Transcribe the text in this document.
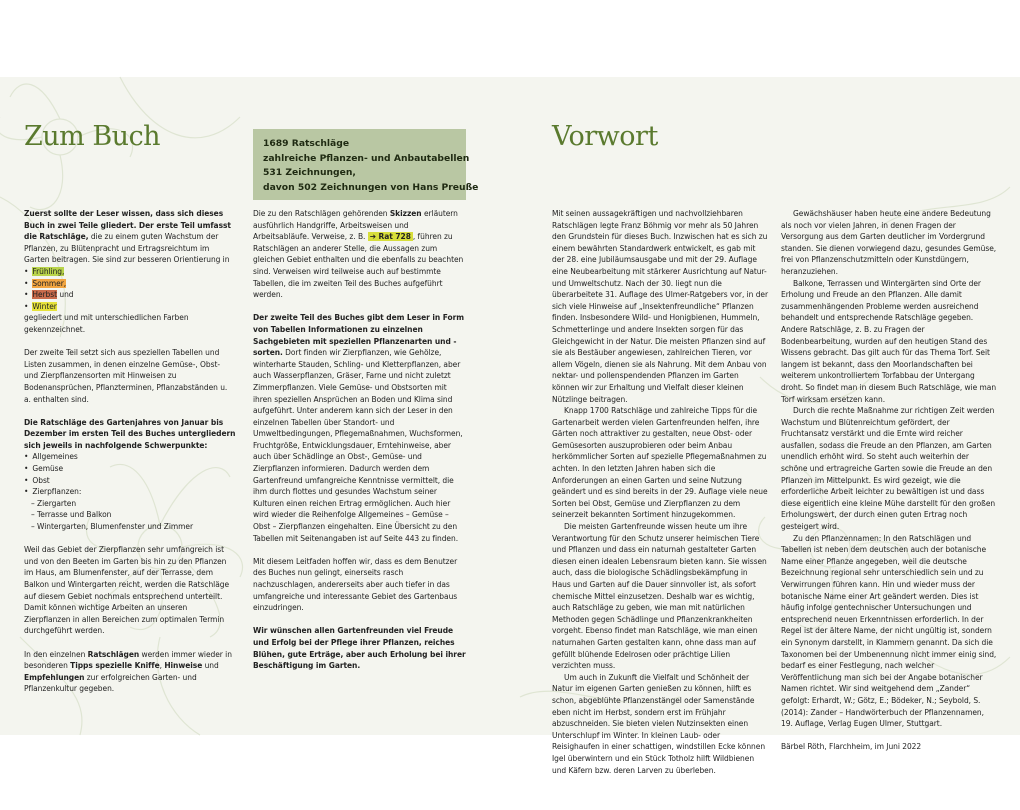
Zum Buch

Zuerst sollte der Leser wissen, dass sich dieses Buch in zwei Teile gliedert. Der erste Teil umfasst die Ratschläge, die zu einem guten Wachstum der Pflanzen, zu Blütenpracht und Ertragsreichtum im Garten beitragen. Sie sind zur besseren Orientierung in

• Frühling,
• Sommer,
• Herbst und
• Winter

gegliedert und mit unterschiedlichen Farben gekennzeichnet.

Der zweite Teil setzt sich aus speziellen Tabellen und Listen zusammen, in denen einzelne Gemüse-, Obst- und Zierpflanzensorten mit Hinweisen zu Bodenansprüchen, Pflanzterminen, Pflanzabständen u. a. enthalten sind.

Die Ratschläge des Gartenjahres von Januar bis Dezember im ersten Teil des Buches untergliedern sich jeweils in nachfolgende Schwerpunkte:

• Allgemeines
• Gemüse
• Obst
• Zierpflanzen:
– Ziergarten
– Terrasse und Balkon
– Wintergarten, Blumenfenster und Zimmer

Weil das Gebiet der Zierpflanzen sehr umfangreich ist und von den Beeten im Garten bis hin zu den Pflanzen im Haus, am Blumenfenster, auf der Terrasse, dem Balkon und Wintergarten reicht, werden die Ratschläge auf diesem Gebiet nochmals entsprechend unterteilt. Damit können wichtige Arbeiten an unseren Zierpflanzen in allen Bereichen zum optimalen Termin durchgeführt werden.

In den einzelnen Ratschlägen werden immer wieder in besonderen Tipps spezielle Kniffe, Hinweise und Empfehlungen zur erfolgreichen Garten- und Pflanzenkultur gegeben.

1689 Ratschläge
zahlreiche Pflanzen- und Anbautabellen
531 Zeichnungen,
davon 502 Zeichnungen von Hans Preuße

Die zu den Ratschlägen gehörenden Skizzen erläutern ausführlich Handgriffe, Arbeitsweisen und Arbeitsabläufe. Verweise, z. B. ➔ Rat 728 , führen zu Ratschlägen an anderer Stelle, die Aussagen zum gleichen Gebiet enthalten und die ebenfalls zu beachten sind. Verweisen wird teilweise auch auf bestimmte Tabellen, die im zweiten Teil des Buches aufgeführt werden.

Der zweite Teil des Buches gibt dem Leser in Form von Tabellen Informationen zu einzelnen Sachgebieten mit speziellen Pflanzenarten und -sorten. Dort finden wir Zierpflanzen, wie Gehölze, winterharte Stauden, Schling- und Kletterpflanzen, aber auch Wasserpflanzen, Gräser, Farne und nicht zuletzt Zimmerpflanzen. Viele Gemüse- und Obstsorten mit ihren speziellen Ansprüchen an Boden und Klima sind aufgeführt. Unter anderem kann sich der Leser in den einzelnen Tabellen über Standort- und Umweltbedingungen, Pflegemaßnahmen, Wuchsformen, Fruchtgröße, Entwicklungsdauer, Erntehinweise, aber auch über Schädlinge an Obst-, Gemüse- und Zierpflanzen informieren. Dadurch werden dem Gartenfreund umfangreiche Kenntnisse vermittelt, die ihm durch flottes und gesundes Wachstum seiner Kulturen einen reichen Ertrag ermöglichen. Auch hier wird wieder die Reihenfolge Allgemeines – Gemüse – Obst – Zierpflanzen eingehalten. Eine Übersicht zu den Tabellen mit Seitenangaben ist auf Seite 443 zu finden.

Mit diesem Leitfaden hoffen wir, dass es dem Benutzer des Buches nun gelingt, einerseits rasch nachzuschlagen, andererseits aber auch tiefer in das umfangreiche und interessante Gebiet des Gartenbaus einzudringen.

Wir wünschen allen Gartenfreunden viel Freude und Erfolg bei der Pflege ihrer Pflanzen, reiches Blühen, gute Erträge, aber auch Erholung bei ihrer Beschäftigung im Garten.

Vorwort

Mit seinen aussagekräftigen und nachvollziehbaren Ratschlägen legte Franz Böhmig vor mehr als 50 Jahren den Grundstein für dieses Buch. Inzwischen hat es sich zu einem bewährten Standardwerk entwickelt, es gab mit der 28. eine Jubiläumsausgabe und mit der 29. Auflage eine Neubearbeitung mit stärkerer Ausrichtung auf Natur- und Umweltschutz. Nach der 30. liegt nun die überarbeitete 31. Auflage des Ulmer-Ratgebers vor, in der sich viele Hinweise auf „Insektenfreundliche“ Pflanzen finden. Insbesondere Wild- und Honigbienen, Hummeln, Schmetterlinge und andere Insekten sorgen für das Gleichgewicht in der Natur. Die meisten Pflanzen sind auf sie als Bestäuber angewiesen, zahlreichen Tieren, vor allem Vögeln, dienen sie als Nahrung. Mit dem Anbau von nektar- und pollenspendenden Pflanzen im Garten können wir zur Erhaltung und Vielfalt dieser kleinen Nützlinge beitragen.

Knapp 1700 Ratschläge und zahlreiche Tipps für die Gartenarbeit werden vielen Gartenfreunden helfen, ihre Gärten noch attraktiver zu gestalten, neue Obst- oder Gemüsesorten auszuprobieren oder beim Anbau herkömmlicher Sorten auf spezielle Pflegemaßnahmen zu achten. In den letzten Jahren haben sich die Anforderungen an einen Garten und seine Nutzung geändert und es sind bereits in der 29. Auflage viele neue Sorten bei Obst, Gemüse und Zierpflanzen zu dem seinerzeit bekannten Sortiment hinzugekommen.

Die meisten Gartenfreunde wissen heute um ihre Verantwortung für den Schutz unserer heimischen Tiere und Pflanzen und dass ein naturnah gestalteter Garten diesen einen idealen Lebensraum bieten kann. Sie wissen auch, dass die biologische Schädlingsbekämpfung in Haus und Garten auf die Dauer sinnvoller ist, als sofort chemische Mittel einzusetzen. Deshalb war es wichtig, auch Ratschläge zu geben, wie man mit natürlichen Methoden gegen Schädlinge und Pflanzenkrankheiten vorgeht. Ebenso findet man Ratschläge, wie man einen naturnahen Garten gestalten kann, ohne dass man auf gefüllt blühende Edelrosen oder prächtige Lilien verzichten muss.

Um auch in Zukunft die Vielfalt und Schönheit der Natur im eigenen Garten genießen zu können, hilft es schon, abgeblühte Pflanzenstängel oder Samenstände eben nicht im Herbst, sondern erst im Frühjahr abzuschneiden. Sie bieten vielen Nutzinsekten einen Unterschlupf im Winter. In kleinen Laub- oder Reisighaufen in einer schattigen, windstillen Ecke können Igel überwintern und ein Stück Totholz hilft Wildbienen und Käfern bzw. deren Larven zu überleben.

Gewächshäuser haben heute eine andere Bedeutung als noch vor vielen Jahren, in denen Fragen der Versorgung aus dem Garten deutlicher im Vordergrund standen. Sie dienen vorwiegend dazu, gesundes Gemüse, frei von Pflanzenschutzmitteln oder Kunstdüngern, heranzuziehen.

Balkone, Terrassen und Wintergärten sind Orte der Erholung und Freude an den Pflanzen. Alle damit zusammenhängenden Probleme werden ausreichend behandelt und entsprechende Ratschläge gegeben. Andere Ratschläge, z. B. zu Fragen der Bodenbearbeitung, wurden auf den heutigen Stand des Wissens gebracht. Das gilt auch für das Thema Torf. Seit langem ist bekannt, dass den Moorlandschaften bei weiterem unkontrolliertem Torfabbau der Untergang droht. So findet man in diesem Buch Ratschläge, wie man Torf wirksam ersetzen kann.

Durch die rechte Maßnahme zur richtigen Zeit werden Wachstum und Blütenreichtum gefördert, der Fruchtansatz verstärkt und die Ernte wird reicher ausfallen, sodass die Freude an den Pflanzen, am Garten unendlich erhöht wird. So steht auch weiterhin der schöne und ertragreiche Garten sowie die Freude an den Pflanzen im Mittelpunkt. Es wird gezeigt, wie die erforderliche Arbeit leichter zu bewältigen ist und dass diese eigentlich eine kleine Mühe darstellt für den großen Erholungswert, der durch einen guten Ertrag noch gesteigert wird.

Zu den Pflanzennamen: In den Ratschlägen und Tabellen ist neben dem deutschen auch der botanische Name einer Pflanze angegeben, weil die deutsche Bezeichnung regional sehr unterschiedlich sein und zu Verwirrungen führen kann. Hin und wieder muss der botanische Name einer Art geändert werden. Dies ist häufig infolge gentechnischer Untersuchungen und entsprechend neuen Erkenntnissen erforderlich. In der Regel ist der ältere Name, der nicht ungültig ist, sondern ein Synonym darstellt, in Klammern genannt. Da sich die Taxonomen bei der Umbenennung nicht immer einig sind, bedarf es einer Festlegung, nach welcher Veröffentlichung man sich bei der Angabe botanischer Namen richtet. Wir sind weitgehend dem „Zander“ gefolgt: Erhardt, W.; Götz, E.; Bödeker, N.; Seybold, S. (2014): Zander – Handwörterbuch der Pflanzennamen, 19. Auflage, Verlag Eugen Ulmer, Stuttgart.

Bärbel Röth, Flarchheim, im Juni 2022
